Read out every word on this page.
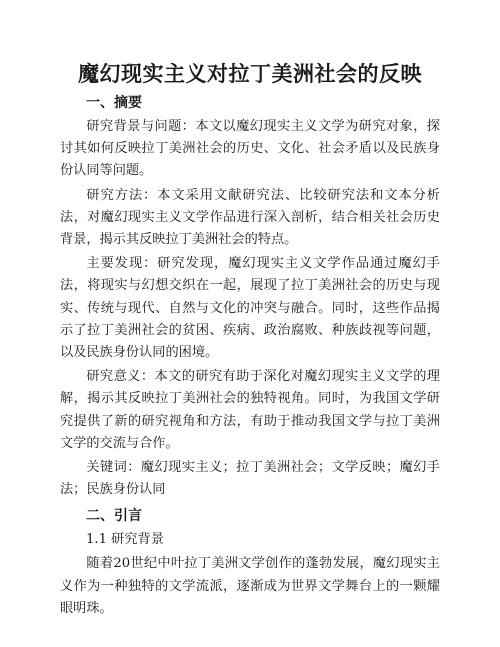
魔幻现实主义对拉丁美洲社会的反映
一、摘要

研究背景与问题：本文以魔幻现实主义文学为研究对象，探讨其如何反映拉丁美洲社会的历史、文化、社会矛盾以及民族身份认同等问题。

研究方法：本文采用文献研究法、比较研究法和文本分析法，对魔幻现实主义文学作品进行深入剖析，结合相关社会历史背景，揭示其反映拉丁美洲社会的特点。

主要发现：研究发现，魔幻现实主义文学作品通过魔幻手法，将现实与幻想交织在一起，展现了拉丁美洲社会的历史与现实、传统与现代、自然与文化的冲突与融合。同时，这些作品揭示了拉丁美洲社会的贫困、疾病、政治腐败、种族歧视等问题，以及民族身份认同的困境。

研究意义：本文的研究有助于深化对魔幻现实主义文学的理解，揭示其反映拉丁美洲社会的独特视角。同时，为我国文学研究提供了新的研究视角和方法，有助于推动我国文学与拉丁美洲文学的交流与合作。

关键词：魔幻现实主义；拉丁美洲社会；文学反映；魔幻手法；民族身份认同

二、引言
1.1 研究背景

随着20世纪中叶拉丁美洲文学创作的蓬勃发展，魔幻现实主义作为一种独特的文学流派，逐渐成为世界文学舞台上的一颗耀眼明珠。
